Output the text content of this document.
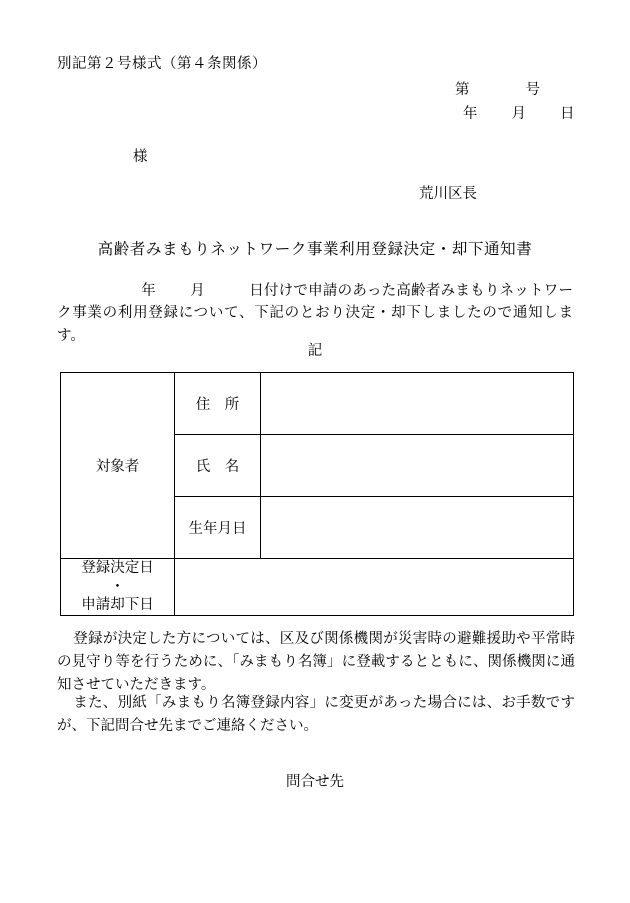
別記第２号様式（第４条関係）
第	号
年 月 日
様
荒川区長
高齢者みまもりネットワーク事業利用登録決定・却下通知書
年 月	日付けで申請のあった高齢者みまもりネットワーク事業の利用登録について、下記のとおり決定・却下しましたので通知します。
記
対象者	住　所	
	氏　名	
	生年月日	

登録決定日
・
申請却下日		

登録が決定した方については、区及び関係機関が災害時の避難援助や平常時の見守り等を行うために、「みまもり名簿」に登載するとともに、関係機関に通知させていただきます。
また、別紙「みまもり名簿登録内容」に変更があった場合には、お手数ですが、下記問合せ先までご連絡ください。
問合せ先
